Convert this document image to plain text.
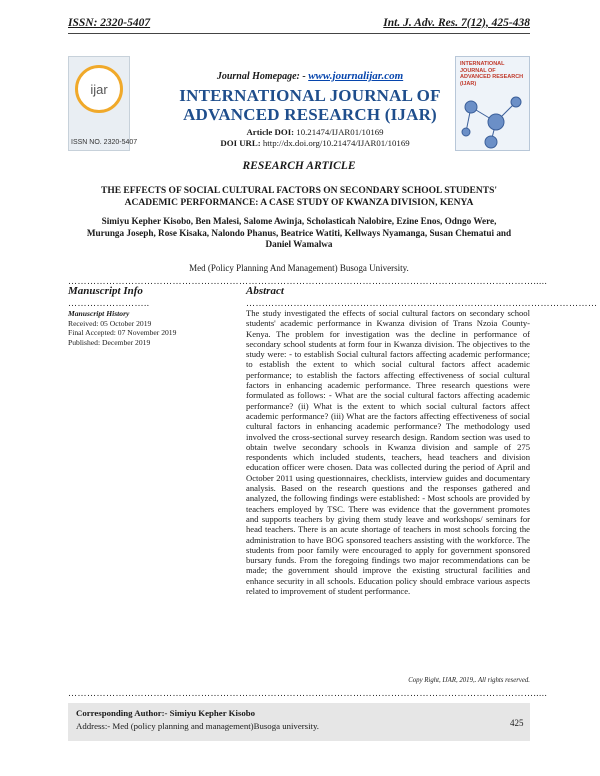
ISSN: 2320-5407	Int. J. Adv. Res. 7(12), 425-438
ijar
ISSN NO. 2320-5407
INTERNATIONAL JOURNAL OF ADVANCED RESEARCH (IJAR)
Journal Homepage: - www.journalijar.com
INTERNATIONAL JOURNAL OF
ADVANCED RESEARCH (IJAR)
Article DOI: 10.21474/IJAR01/10169
DOI URL: http://dx.doi.org/10.21474/IJAR01/10169
RESEARCH ARTICLE
THE EFFECTS OF SOCIAL CULTURAL FACTORS ON SECONDARY SCHOOL STUDENTS'
ACADEMIC PERFORMANCE: A CASE STUDY OF KWANZA DIVISION, KENYA
Simiyu Kepher Kisobo, Ben Malesi, Salome Awinja, Scholasticah Nalobire, Ezine Enos, Odngo Were,
Murunga Joseph, Rose Kisaka, Nalondo Phanus, Beatrice Watiti, Kellways Nyamanga, Susan Chematui and
Daniel Wamalwa
Med (Policy Planning And Management) Busoga University.
………………………………………………………………………………………………………………………………….....
Manuscript Info	Abstract
……………………..	…………………………………………………………………………………………………
Manuscript History
Received: 05 October 2019
Final Accepted: 07 November 2019
Published: December 2019
The study investigated the effects of social cultural factors on secondary school students' academic performance in Kwanza division of Trans Nzoia County- Kenya. The problem for investigation was the decline in performance of secondary school students at form four in Kwanza division. The objectives to the study were: - to establish Social cultural factors affecting academic performance; to establish the extent to which social cultural factors affect academic performance; to establish the factors affecting effectiveness of social cultural factors in enhancing academic performance. Three research questions were formulated as follows: - What are the social cultural factors affecting academic performance? (ii) What is the extent to which social cultural factors affect academic performance? (iii) What are the factors affecting effectiveness of social cultural factors in enhancing academic performance? The methodology used involved the cross-sectional survey research design. Random section was used to obtain twelve secondary schools in Kwanza division and sample of 275 respondents which included students, teachers, head teachers and division education officer were chosen. Data was collected during the period of April and October 2011 using questionnaires, checklists, interview guides and documentary analysis. Based on the research questions and the responses gathered and analyzed, the following findings were established: - Most schools are provided by teachers employed by TSC. There was evidence that the government promotes and supports teachers by giving them study leave and workshops/ seminars for head teachers. There is an acute shortage of teachers in most schools forcing the administration to have BOG sponsored teachers assisting with the workforce. The students from poor family were encouraged to apply for government sponsored bursary funds. From the foregoing findings two major recommendations can be made; the government should improve the existing structural facilities and enhance security in all schools. Education policy should embrace various aspects related to improvement of student performance.
Copy Right, IJAR, 2019,. All rights reserved.
………………………………………………………………………………………………………………………………….....
Corresponding Author:- Simiyu Kepher Kisobo
Address:- Med (policy planning and management)Busoga university.	425
